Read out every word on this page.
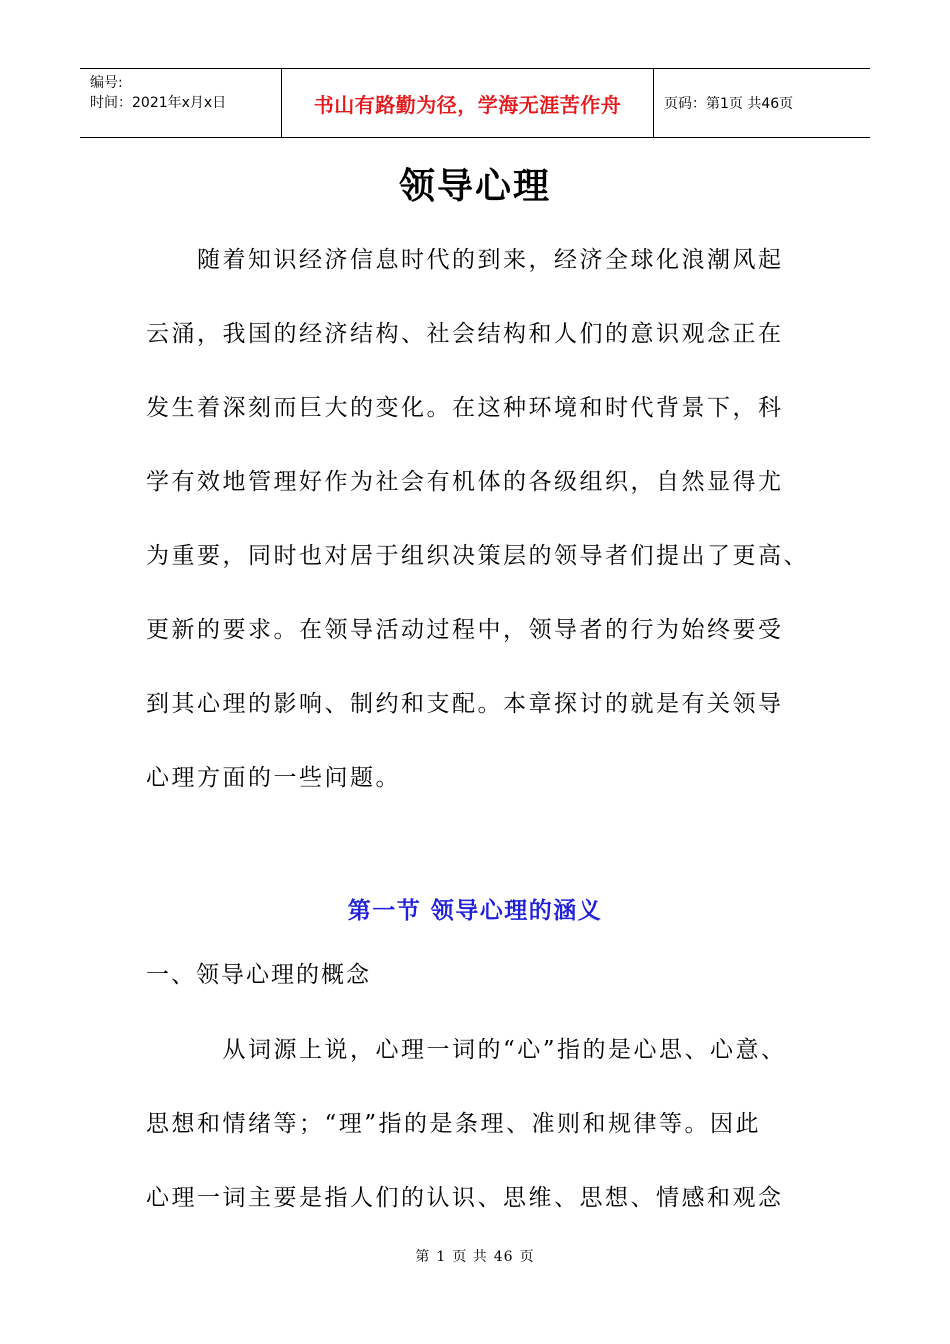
编号:
时间：2021年x月x日	书山有路勤为径，学海无涯苦作舟	页码：第1页 共46页
领导心理
　　随着知识经济信息时代的到来，经济全球化浪潮风起
云涌，我国的经济结构、社会结构和人们的意识观念正在
发生着深刻而巨大的变化。在这种环境和时代背景下，科
学有效地管理好作为社会有机体的各级组织，自然显得尤
为重要，同时也对居于组织决策层的领导者们提出了更高、
更新的要求。在领导活动过程中，领导者的行为始终要受
到其心理的影响、制约和支配。本章探讨的就是有关领导
心理方面的一些问题。
第一节 领导心理的涵义
一、领导心理的概念
　　　从词源上说，心理一词的“心”指的是心思、心意、
思想和情绪等；“理”指的是条理、准则和规律等。因此
心理一词主要是指人们的认识、思维、思想、情感和观念
第 1 页 共 46 页
